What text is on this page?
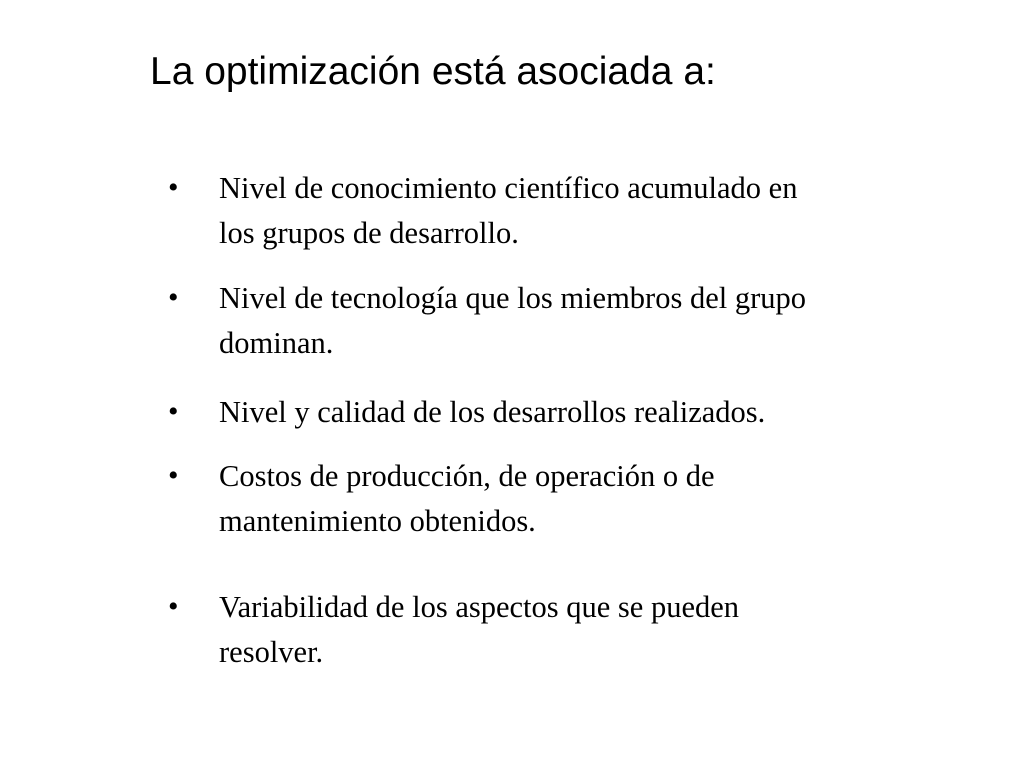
La optimización está asociada a:
• Nivel de conocimiento científico acumulado en
los grupos de desarrollo.
• Nivel de tecnología que los miembros del grupo
dominan.
• Nivel y calidad de los desarrollos realizados.
• Costos de producción, de operación o de
mantenimiento obtenidos.
• Variabilidad de los aspectos que se pueden
resolver.
